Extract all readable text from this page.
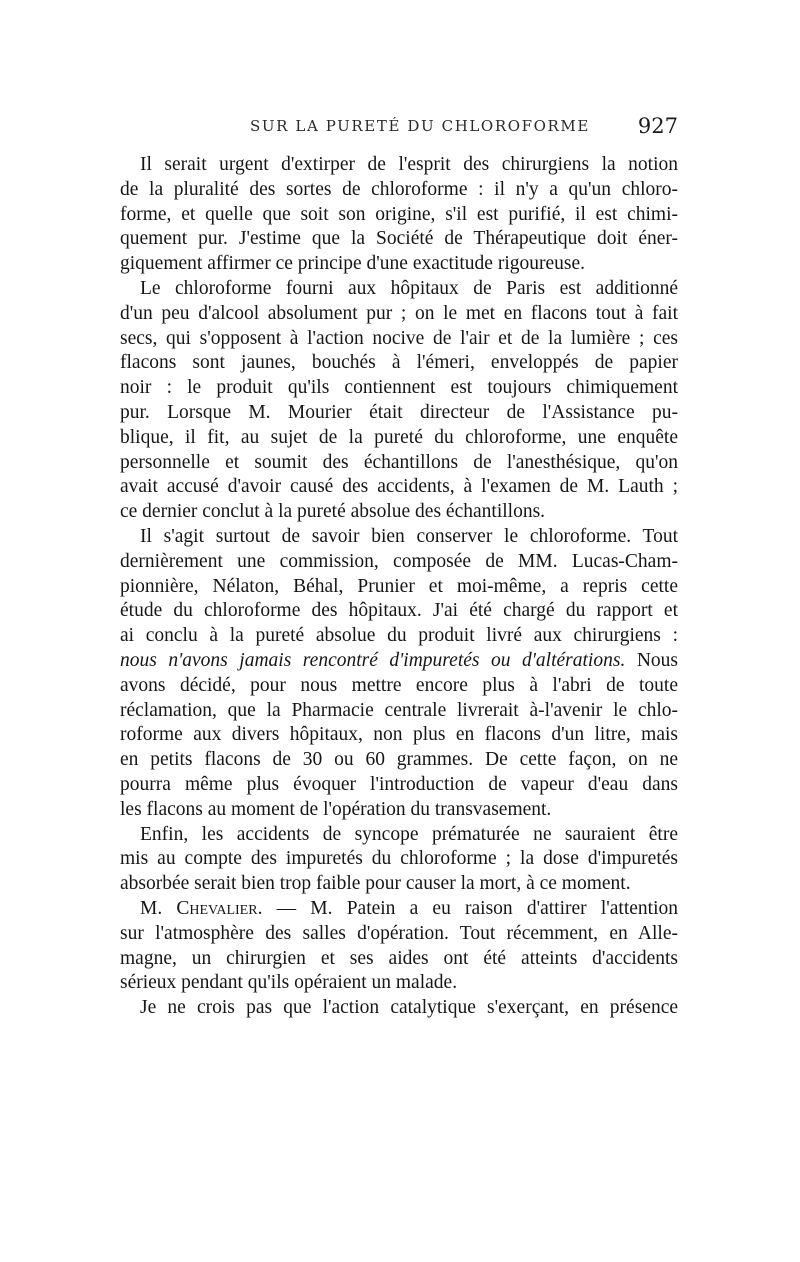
SUR LA PURETÉ DU CHLOROFORME 927
Il serait urgent d'extirper de l'esprit des chirurgiens la notion
de la pluralité des sortes de chloroforme : il n'y a qu'un chloro-
forme, et quelle que soit son origine, s'il est purifié, il est chimi-
quement pur. J'estime que la Société de Thérapeutique doit éner-
giquement affirmer ce principe d'une exactitude rigoureuse.
Le chloroforme fourni aux hôpitaux de Paris est additionné
d'un peu d'alcool absolument pur ; on le met en flacons tout à fait
secs, qui s'opposent à l'action nocive de l'air et de la lumière ; ces
flacons sont jaunes, bouchés à l'émeri, enveloppés de papier
noir : le produit qu'ils contiennent est toujours chimiquement
pur. Lorsque M. Mourier était directeur de l'Assistance pu-
blique, il fit, au sujet de la pureté du chloroforme, une enquête
personnelle et soumit des échantillons de l'anesthésique, qu'on
avait accusé d'avoir causé des accidents, à l'examen de M. Lauth ;
ce dernier conclut à la pureté absolue des échantillons.
Il s'agit surtout de savoir bien conserver le chloroforme. Tout
dernièrement une commission, composée de MM. Lucas-Cham-
pionnière, Nélaton, Béhal, Prunier et moi-même, a repris cette
étude du chloroforme des hôpitaux. J'ai été chargé du rapport et
ai conclu à la pureté absolue du produit livré aux chirurgiens :
nous n'avons jamais rencontré d'impuretés ou d'altérations. Nous
avons décidé, pour nous mettre encore plus à l'abri de toute
réclamation, que la Pharmacie centrale livrerait à-l'avenir le chlo-
roforme aux divers hôpitaux, non plus en flacons d'un litre, mais
en petits flacons de 30 ou 60 grammes. De cette façon, on ne
pourra même plus évoquer l'introduction de vapeur d'eau dans
les flacons au moment de l'opération du transvasement.
Enfin, les accidents de syncope prématurée ne sauraient être
mis au compte des impuretés du chloroforme ; la dose d'impuretés
absorbée serait bien trop faible pour causer la mort, à ce moment.
M. Chevalier. — M. Patein a eu raison d'attirer l'attention
sur l'atmosphère des salles d'opération. Tout récemment, en Alle-
magne, un chirurgien et ses aides ont été atteints d'accidents
sérieux pendant qu'ils opéraient un malade.
Je ne crois pas que l'action catalytique s'exerçant, en présence
